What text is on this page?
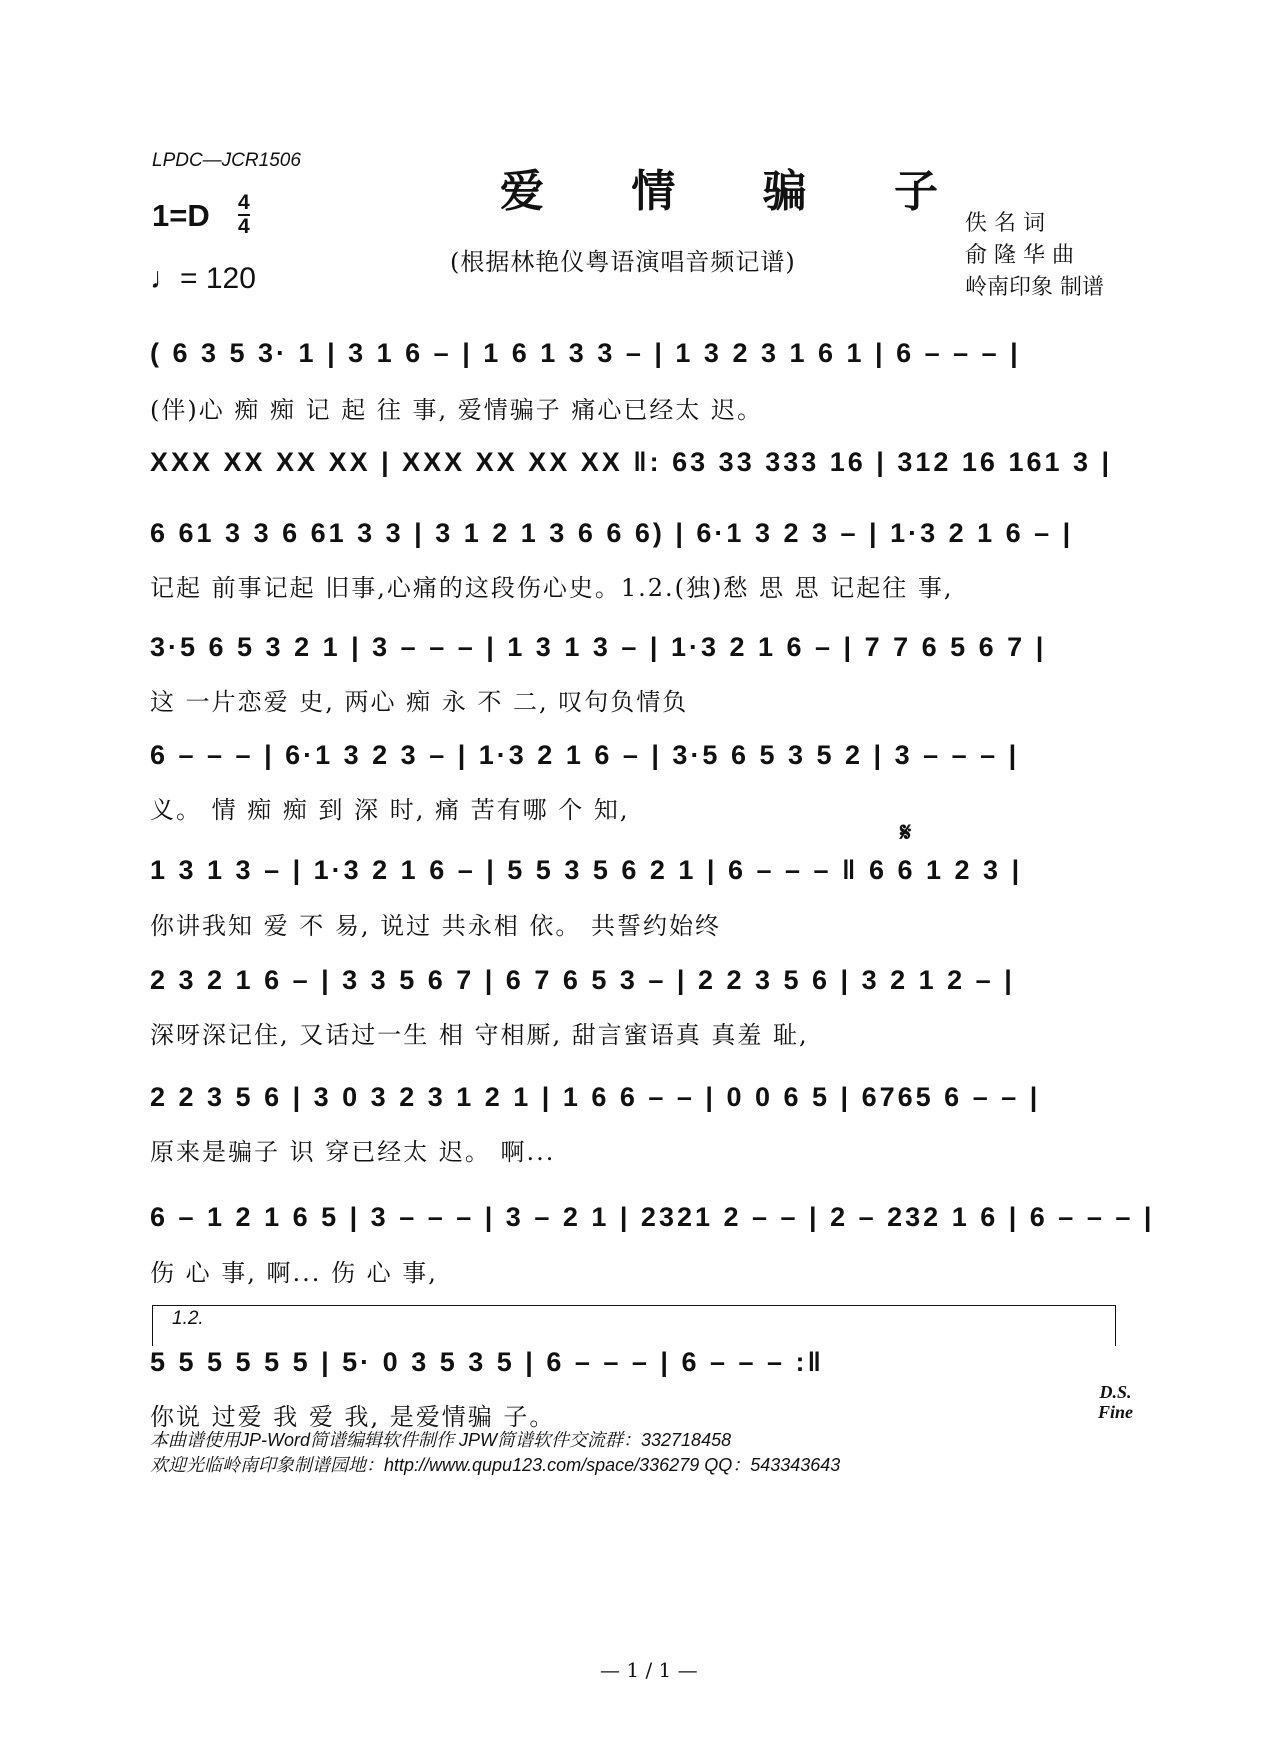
LPDC—JCR1506
爱 情 骗 子
1=D 4
4
♩= 120	(根据林艳仪粤语演唱音频记谱)
佚 名 词
俞 隆 华 曲
岭南印象 制谱
( 6 3 5 3· 1 | 3 1 6 – | 1 6 1 3 3 – | 1 3 2 3 1 6 1 | 6 – – – |
(伴)心 痴 痴 记 起 往 事, 爱情骗子 痛心已经太 迟。
XXX XX XX XX | XXX XX XX XX ‖: 63 33 333 16 | 312 16 161 3 |
6 61 3 3 6 61 3 3 | 3 1 2 1 3 6 6 6) | 6·1 3 2 3 – | 1·3 2 1 6 – |
记起 前事记起 旧事,心痛的这段伤心史。1.2.(独)愁 思 思 记起往 事,
3·5 6 5 3 2 1 | 3 – – – | 1 3 1 3 – | 1·3 2 1 6 – | 7 7 6 5 6 7 |
这 一片恋爱 史, 两心 痴 永 不 二, 叹句负情负
6 – – – | 6·1 3 2 3 – | 1·3 2 1 6 – | 3·5 6 5 3 5 2 | 3 – – – |
义。 情 痴 痴 到 深 时, 痛 苦有哪 个 知,
𝄋
1 3 1 3 – | 1·3 2 1 6 – | 5 5 3 5 6 2 1 | 6 – – – ‖ 6 6 1 2 3 |
你讲我知 爱 不 易, 说过 共永相 依。 共誓约始终
2 3 2 1 6 – | 3 3 5 6 7 | 6 7 6 5 3 – | 2 2 3 5 6 | 3 2 1 2 – |
深呀深记住, 又话过一生 相 守相厮, 甜言蜜语真 真羞 耻,
2 2 3 5 6 | 3 0 3 2 3 1 2 1 | 1 6 6 – – | 0 0 6 5 | 6765 6 – – |
原来是骗子 识 穿已经太 迟。 啊...
6 – 1 2 1 6 5 | 3 – – – | 3 – 2 1 | 2321 2 – – | 2 – 232 1 6 | 6 – – – |
伤 心 事, 啊... 伤 心 事,
1.2.
5 5 5 5 5 5 | 5· 0 3 5 3 5 | 6 – – – | 6 – – – :‖
你说 过爱 我 爱 我, 是爱情骗 子。
D.S.
Fine
本曲谱使用JP-Word简谱编辑软件制作 JPW简谱软件交流群：332718458
欢迎光临岭南印象制谱园地：http://www.qupu123.com/space/336279 QQ：543343643
— 1 / 1 —
